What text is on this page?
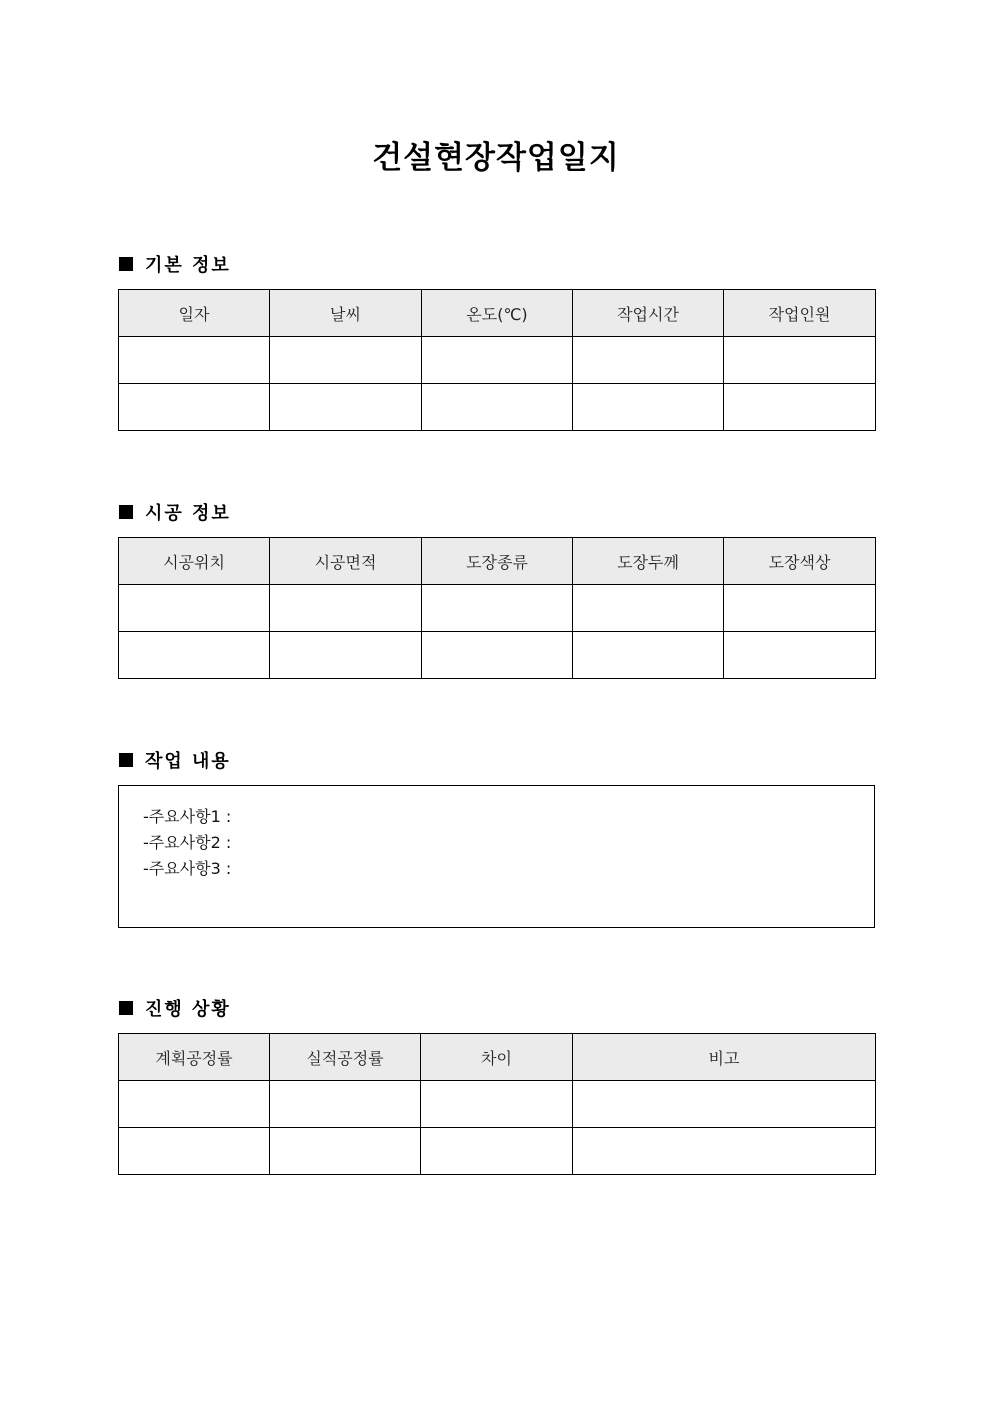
건설현장작업일지
기본 정보
일자	날씨	온도(℃)	작업시간	작업인원

시공 정보
시공위치	시공면적	도장종류	도장두께	도장색상

작업 내용
-주요사항1 :
-주요사항2 :
-주요사항3 :
진행 상황
계획공정률	실적공정률	차이	비고
